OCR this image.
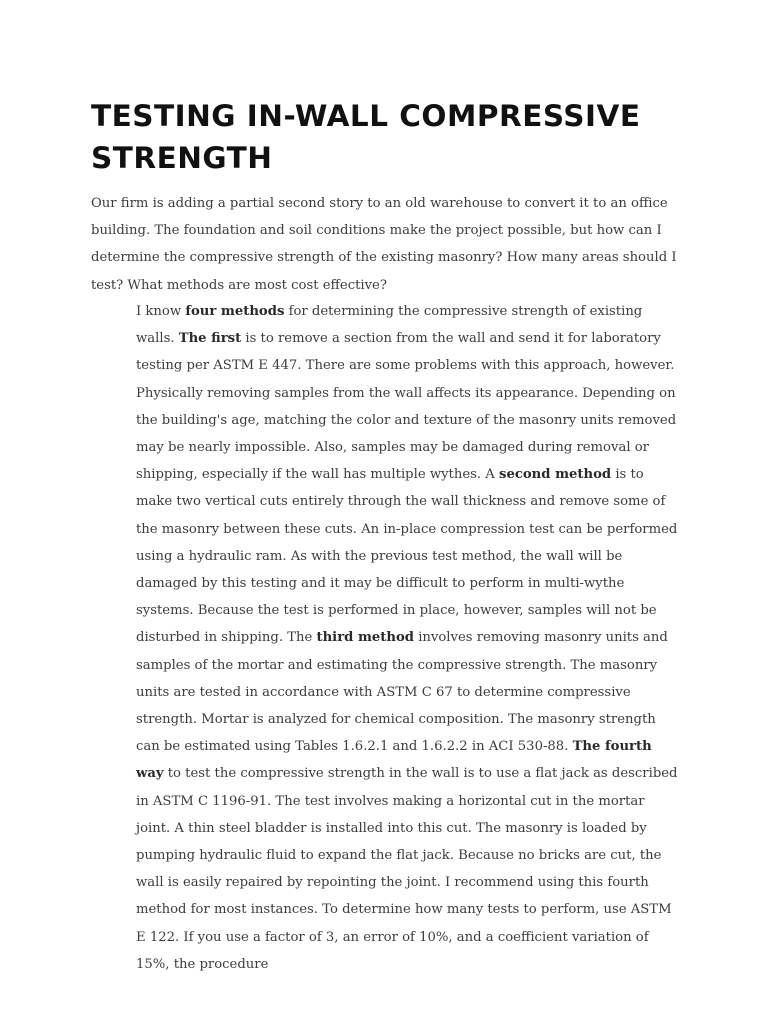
TESTING IN-WALL COMPRESSIVE STRENGTH

Our firm is adding a partial second story to an old warehouse to convert it to an office building. The foundation and soil conditions make the project possible, but how can I determine the compressive strength of the existing masonry? How many areas should I test? What methods are most cost effective?

I know four methods for determining the compressive strength of existing walls. The first is to remove a section from the wall and send it for laboratory testing per ASTM E 447. There are some problems with this approach, however. Physically removing samples from the wall affects its appearance. Depending on the building's age, matching the color and texture of the masonry units removed may be nearly impossible. Also, samples may be damaged during removal or shipping, especially if the wall has multiple wythes. A second method is to make two vertical cuts entirely through the wall thickness and remove some of the masonry between these cuts. An in-place compression test can be performed using a hydraulic ram. As with the previous test method, the wall will be damaged by this testing and it may be difficult to perform in multi-wythe systems. Because the test is performed in place, however, samples will not be disturbed in shipping. The third method involves removing masonry units and samples of the mortar and estimating the compressive strength. The masonry units are tested in accordance with ASTM C 67 to determine compressive strength. Mortar is analyzed for chemical composition. The masonry strength can be estimated using Tables 1.6.2.1 and 1.6.2.2 in ACI 530-88. The fourth way to test the compressive strength in the wall is to use a flat jack as described in ASTM C 1196-91. The test involves making a horizontal cut in the mortar joint. A thin steel bladder is installed into this cut. The masonry is loaded by pumping hydraulic fluid to expand the flat jack. Because no bricks are cut, the wall is easily repaired by repointing the joint. I recommend using this fourth method for most instances. To determine how many tests to perform, use ASTM E 122. If you use a factor of 3, an error of 10%, and a coefficient variation of 15%, the procedure
